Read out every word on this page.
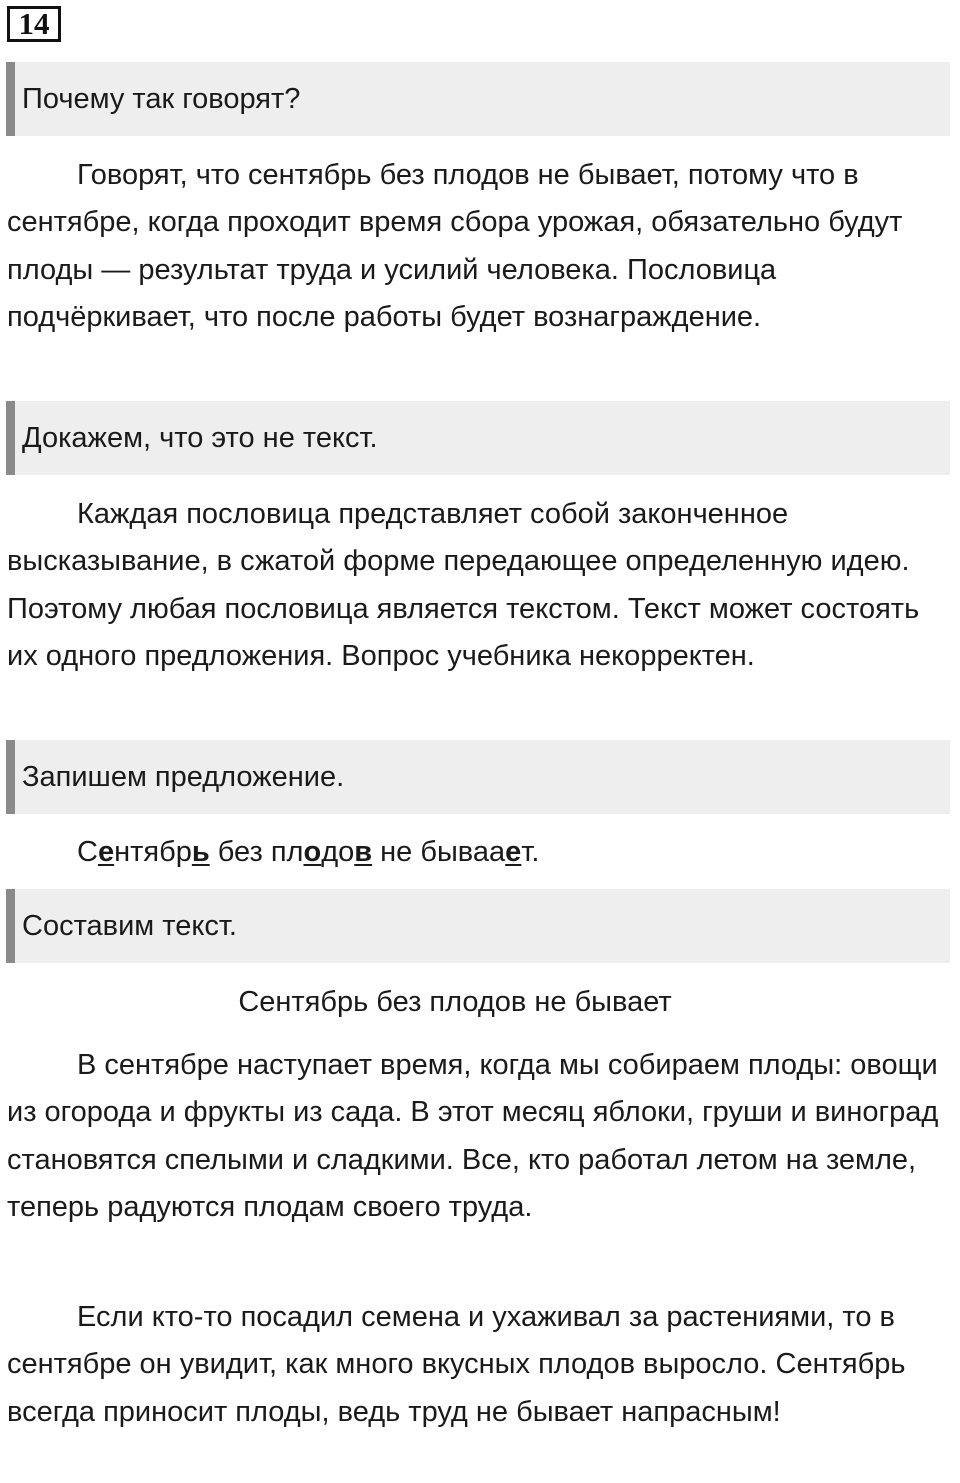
14
Почему так говорят?

Говорят, что сентябрь без плодов не бывает, потому что в сентябре, когда проходит время сбора урожая, обязательно будут плоды — результат труда и усилий человека. Пословица подчёркивает, что после работы будет вознаграждение.

Докажем, что это не текст.

Каждая пословица представляет собой законченное высказывание, в сжатой форме передающее определенную идею. Поэтому любая пословица является текстом. Текст может состоять их одного предложения. Вопрос учебника некорректен.

Запишем предложение.
Сентябрь без плодов не бываает.
Составим текст.
Сентябрь без плодов не бывает

В сентябре наступает время, когда мы собираем плоды: овощи из огорода и фрукты из сада. В этот месяц яблоки, груши и виноград становятся спелыми и сладкими. Все, кто работал летом на земле, теперь радуются плодам своего труда.

Если кто-то посадил семена и ухаживал за растениями, то в сентябре он увидит, как много вкусных плодов выросло. Сентябрь всегда приносит плоды, ведь труд не бывает напрасным!
